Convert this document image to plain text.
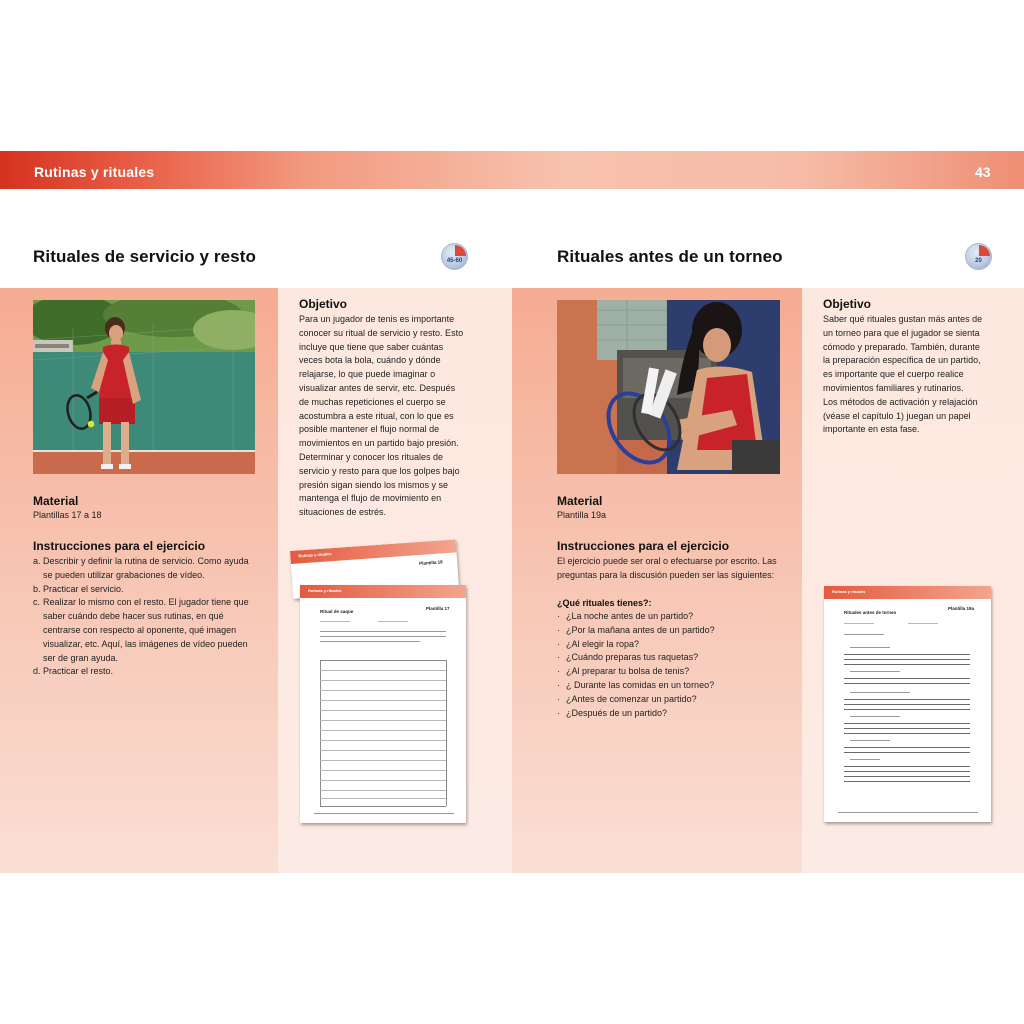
Rutinas y rituales	43
Rituales de servicio y resto	45-60	Rituales antes de un torneo	20
Objetivo
Para un jugador de tenis es importante
conocer su ritual de servicio y resto. Esto
incluye que tiene que saber cuántas
veces bota la bola, cuándo y dónde
relajarse, lo que puede imaginar o
visualizar antes de servir, etc. Después
de muchas repeticiones el cuerpo se
acostumbra a este ritual, con lo que es
posible mantener el flujo normal de
movimientos en un partido bajo presión.
Determinar y conocer los rituales de
servicio y resto para que los golpes bajo
presión sigan siendo los mismos y se
mantenga el flujo de movimiento en
situaciones de estrés.
Material
Plantillas 17 a 18
Instrucciones para el ejercicio
a. Describir y definir la rutina de servicio. Como ayuda
se pueden utilizar grabaciones de vídeo.
b. Practicar el servicio.
c. Realizar lo mismo con el resto. El jugador tiene que
saber cuándo debe hacer sus rutinas, en qué
centrarse con respecto al oponente, qué imagen
visualizar, etc. Aquí, las imágenes de vídeo pueden
ser de gran ayuda.
d. Practicar el resto.
Rutinas y rituales
Plantilla 18
Rutinas y rituales
Ritual de saque
Plantilla 17
Objetivo
Saber qué rituales gustan más antes de
un torneo para que el jugador se sienta
cómodo y preparado. También, durante
la preparación específica de un partido,
es importante que el cuerpo realice
movimientos familiares y rutinarios.
Los métodos de activación y relajación
(véase el capítulo 1) juegan un papel
importante en esta fase.
Material
Plantilla 19a
Instrucciones para el ejercicio
El ejercicio puede ser oral o efectuarse por escrito. Las
preguntas para la discusión pueden ser las siguientes:
¿Qué rituales tienes?:
· ¿La noche antes de un partido?
· ¿Por la mañana antes de un partido?
· ¿Al elegir la ropa?
· ¿Cuándo preparas tus raquetas?
· ¿Al preparar tu bolsa de tenis?
· ¿ Durante las comidas en un torneo?
· ¿Antes de comenzar un partido?
· ¿Después de un partido?
Rutinas y rituales
Rituales antes de torneo
Plantilla 19a
